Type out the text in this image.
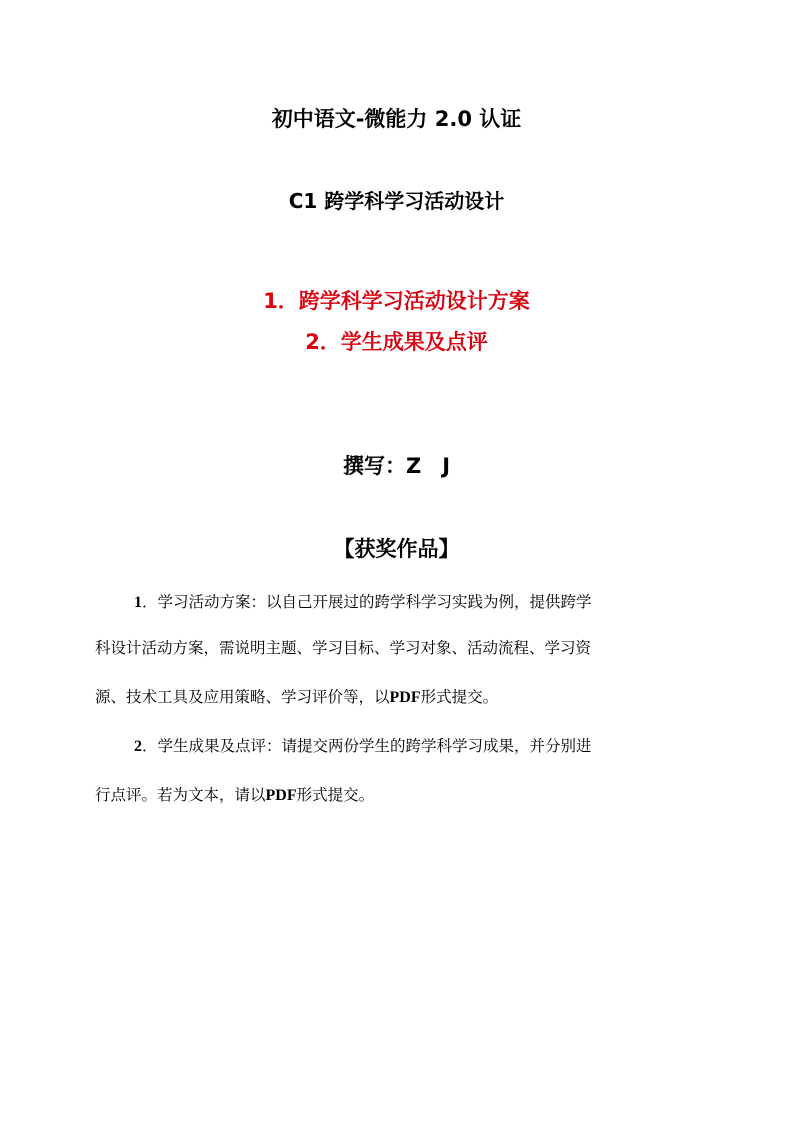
初中语文-微能力 2.0 认证
C1 跨学科学习活动设计
1．跨学科学习活动设计方案
2．学生成果及点评
撰写：Z　J
【获奖作品】
1．学习活动方案：以自己开展过的跨学科学习实践为例，提供跨学
科设计活动方案，需说明主题、学习目标、学习对象、活动流程、学习资
源、技术工具及应用策略、学习评价等，以PDF形式提交。
2．学生成果及点评：请提交两份学生的跨学科学习成果，并分别进
行点评。若为文本，请以PDF形式提交。
